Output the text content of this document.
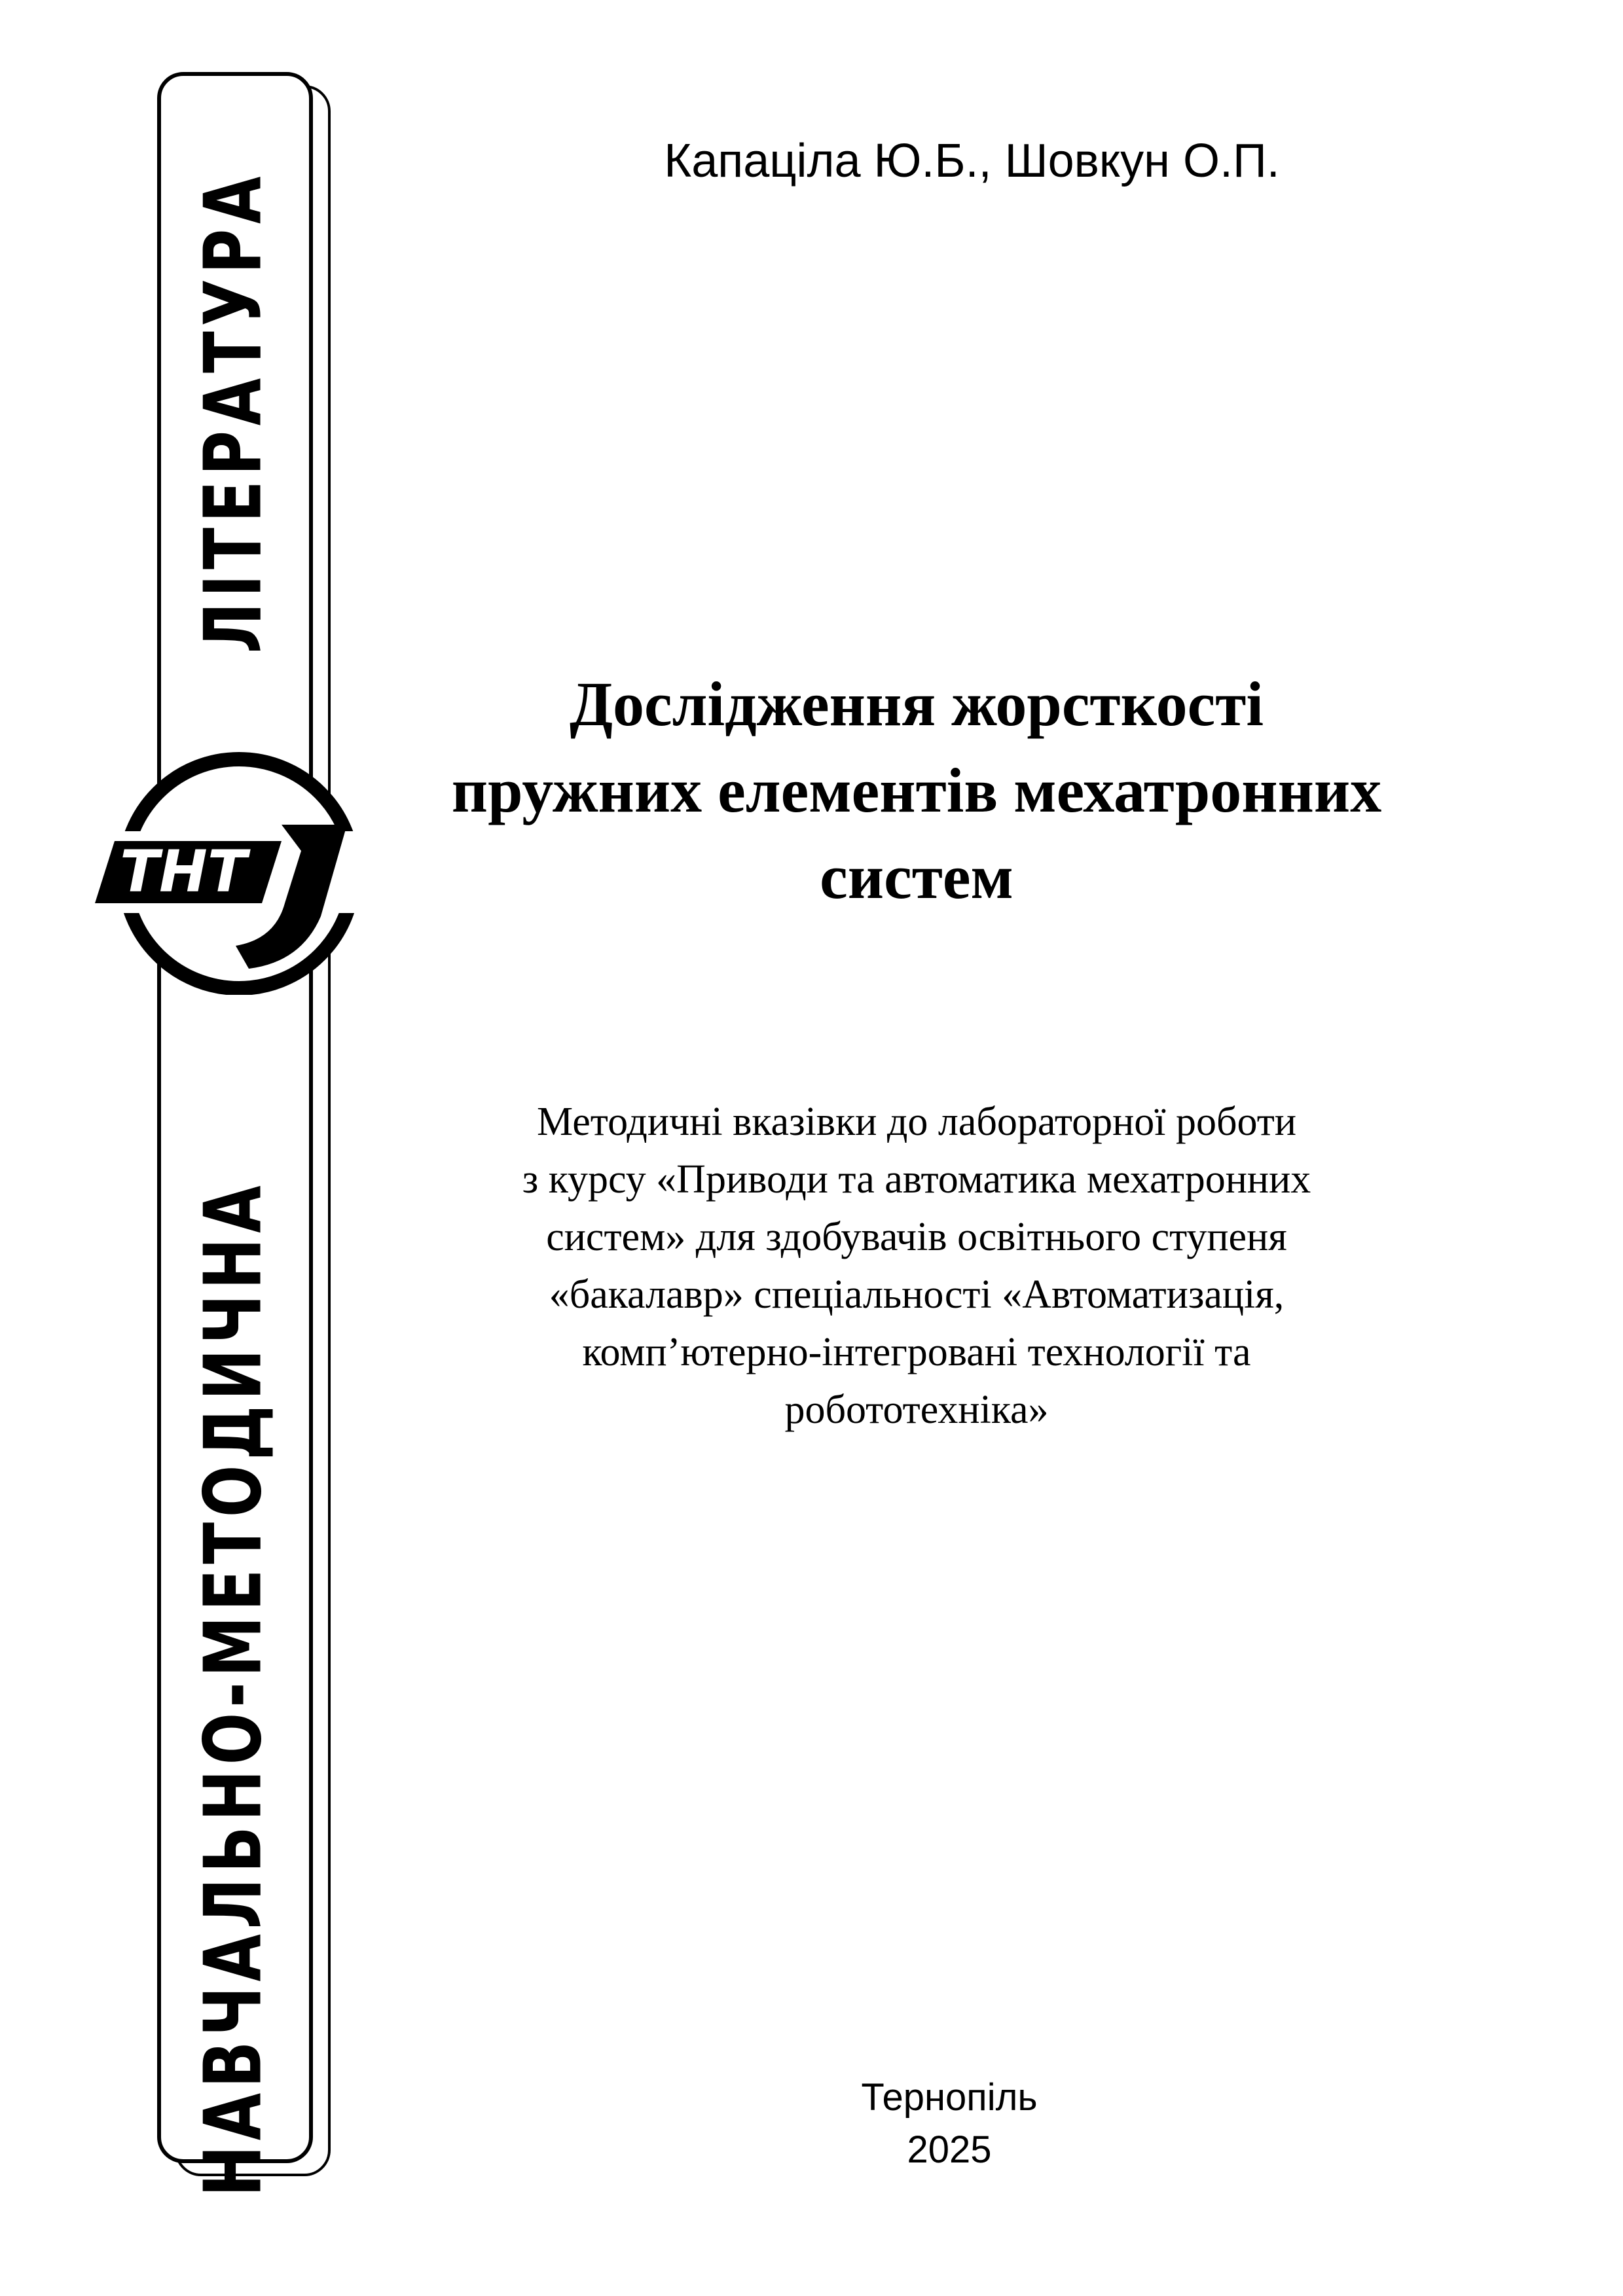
ЛІТЕРАТУРА
НАВЧАЛЬНО-МЕТОДИЧНА
ТНТ
Капаціла Ю.Б., Шовкун О.П.
Дослідження жорсткості
пружних елементів мехатронних
систем
Методичні вказівки до лабораторної роботи
з курсу «Приводи та автоматика мехатронних
систем» для здобувачів освітнього ступеня
«бакалавр» спеціальності «Автоматизація,
комп’ютерно-інтегровані технології та
робототехніка»
Тернопіль
2025
